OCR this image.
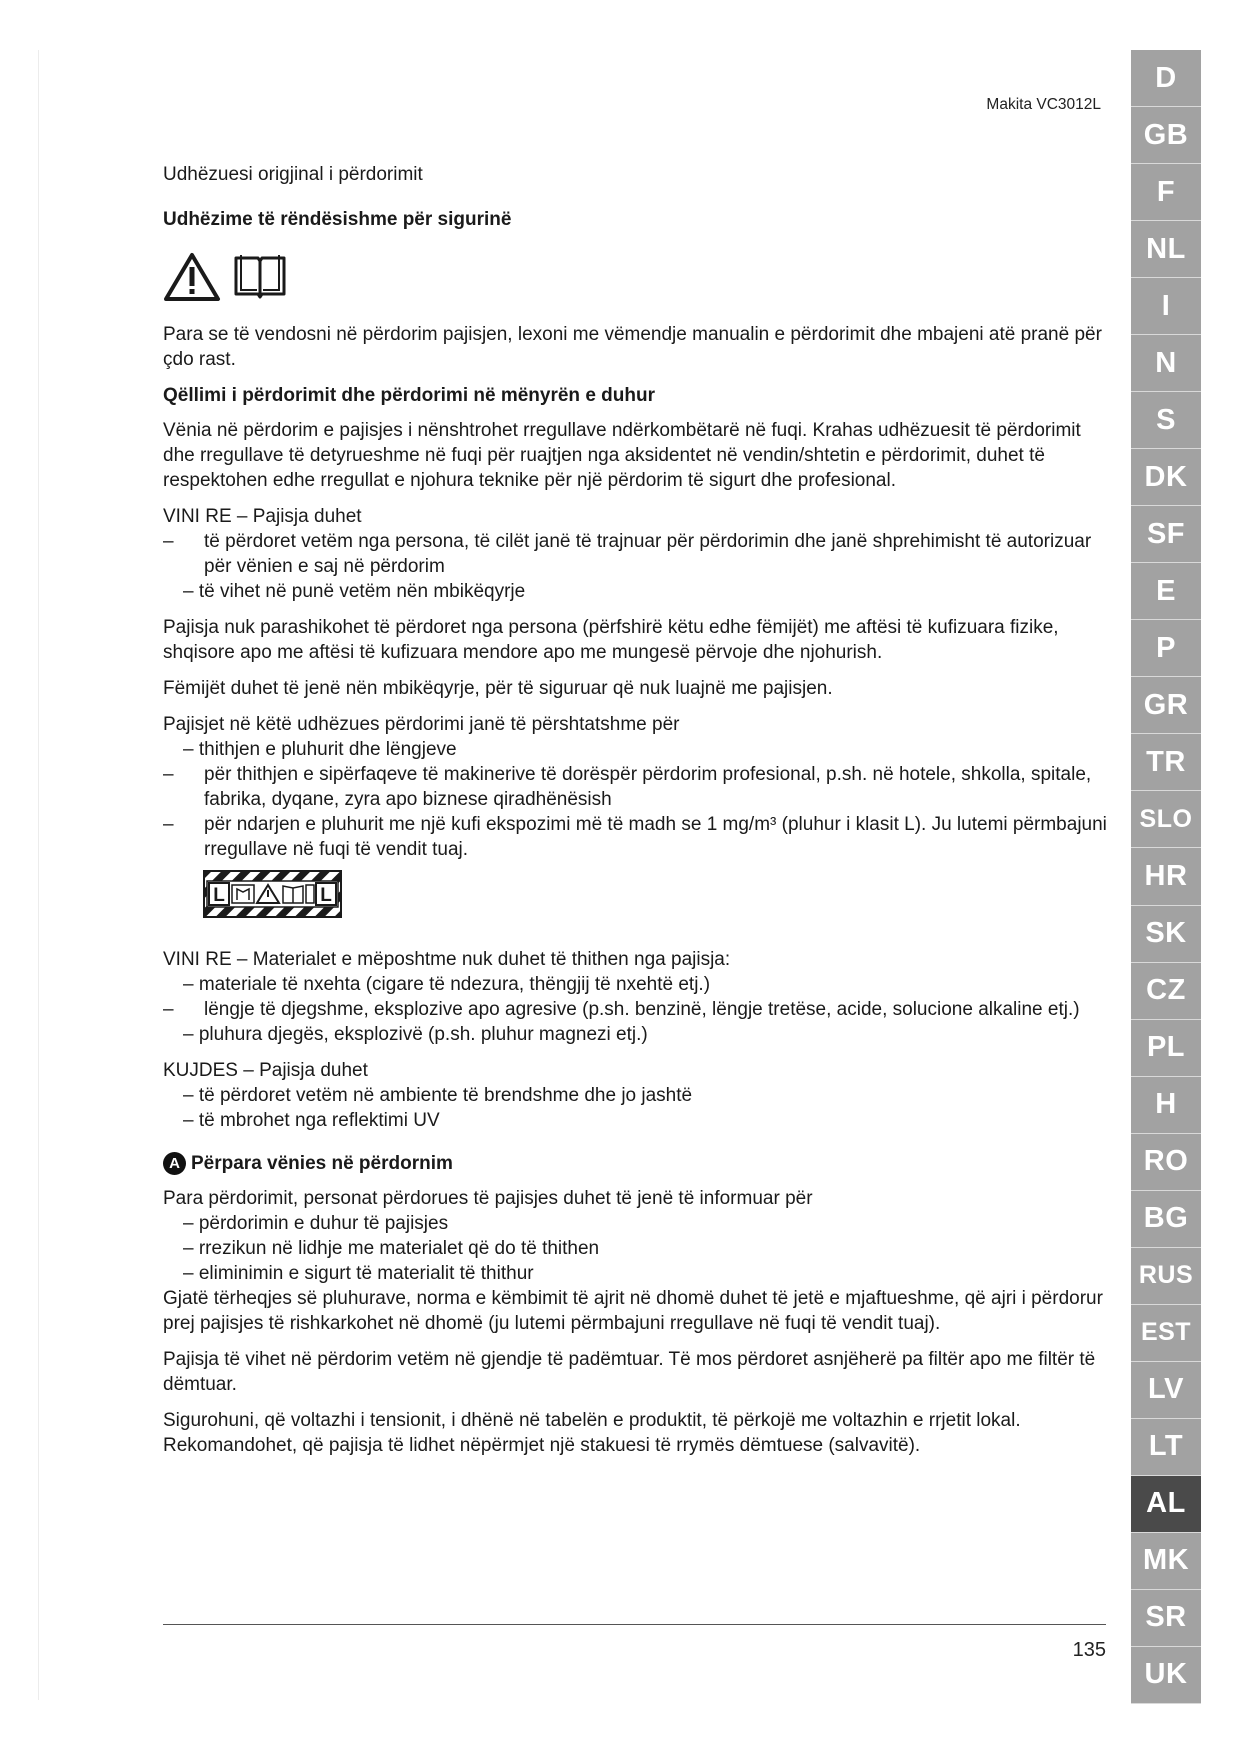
Makita VC3012L

Udhëzuesi origjinal i përdorimit

Udhëzime të rëndësishme për sigurinë

Para se të vendosni në përdorim pajisjen, lexoni me vëmendje manualin e përdorimit dhe mbajeni atë pranë për çdo rast.

Qëllimi i përdorimit dhe përdorimi në mënyrën e duhur

Vënia në përdorim e pajisjes i nënshtrohet rregullave ndërkombëtarë në fuqi. Krahas udhëzuesit të përdorimit dhe rregullave të detyrueshme në fuqi për ruajtjen nga aksidentet në vendin/shtetin e përdorimit, duhet të respektohen edhe rregullat e njohura teknike për një përdorim të sigurt dhe profesional.

VINI RE – Pajisja duhet

– të përdoret vetëm nga persona, të cilët janë të trajnuar për përdorimin dhe janë shprehimisht të autorizuar për vënien e saj në përdorim
– të vihet në punë vetëm nën mbikëqyrje

Pajisja nuk parashikohet të përdoret nga persona (përfshirë këtu edhe fëmijët) me aftësi të kufizuara fizike, shqisore apo me aftësi të kufizuara mendore apo me mungesë përvoje dhe njohurish.

Fëmijët duhet të jenë nën mbikëqyrje, për të siguruar që nuk luajnë me pajisjen.

Pajisjet në këtë udhëzues përdorimi janë të përshtatshme për

– thithjen e pluhurit dhe lëngjeve
– për thithjen e sipërfaqeve të makinerive të dorëspër përdorim profesional, p.sh. në hotele, shkolla, spitale, fabrika, dyqane, zyra apo biznese qiradhënësish
– për ndarjen e pluhurit me një kufi ekspozimi më të madh se 1 mg/m³ (pluhur i klasit L). Ju lutemi përmbajuni rregullave në fuqi të vendit tuaj.
L	L

VINI RE – Materialet e mëposhtme nuk duhet të thithen nga pajisja:

– materiale të nxehta (cigare të ndezura, thëngjij të nxehtë etj.)
– lëngje të djegshme, eksplozive apo agresive (p.sh. benzinë, lëngje tretëse, acide, solucione alkaline etj.)
– pluhura djegës, eksplozivë (p.sh. pluhur magnezi etj.)

KUJDES – Pajisja duhet

– të përdoret vetëm në ambiente të brendshme dhe jo jashtë
– të mbrohet nga reflektimi UV
A Përpara vënies në përdornim

Para përdorimit, personat përdorues të pajisjes duhet të jenë të informuar për

– përdorimin e duhur të pajisjes
– rrezikun në lidhje me materialet që do të thithen
– eliminimin e sigurt të materialit të thithur

Gjatë tërheqjes së pluhurave, norma e këmbimit të ajrit në dhomë duhet të jetë e mjaftueshme, që ajri i përdorur prej pajisjes të rishkarkohet në dhomë (ju lutemi përmbajuni rregullave në fuqi të vendit tuaj).

Pajisja të vihet në përdorim vetëm në gjendje të padëmtuar. Të mos përdoret asnjëherë pa filtër apo me filtër të dëmtuar.

Sigurohuni, që voltazhi i tensionit, i dhënë në tabelën e produktit, të përkojë me voltazhin e rrjetit lokal. Rekomandohet, që pajisja të lidhet nëpërmjet një stakuesi të rrymës dëmtuese (salvavitë).

135
D
GB
F
NL
I
N
S
DK
SF
E
P
GR
TR
SLO
HR
SK
CZ
PL
H
RO
BG
RUS
EST
LV
LT
AL
MK
SR
UK
